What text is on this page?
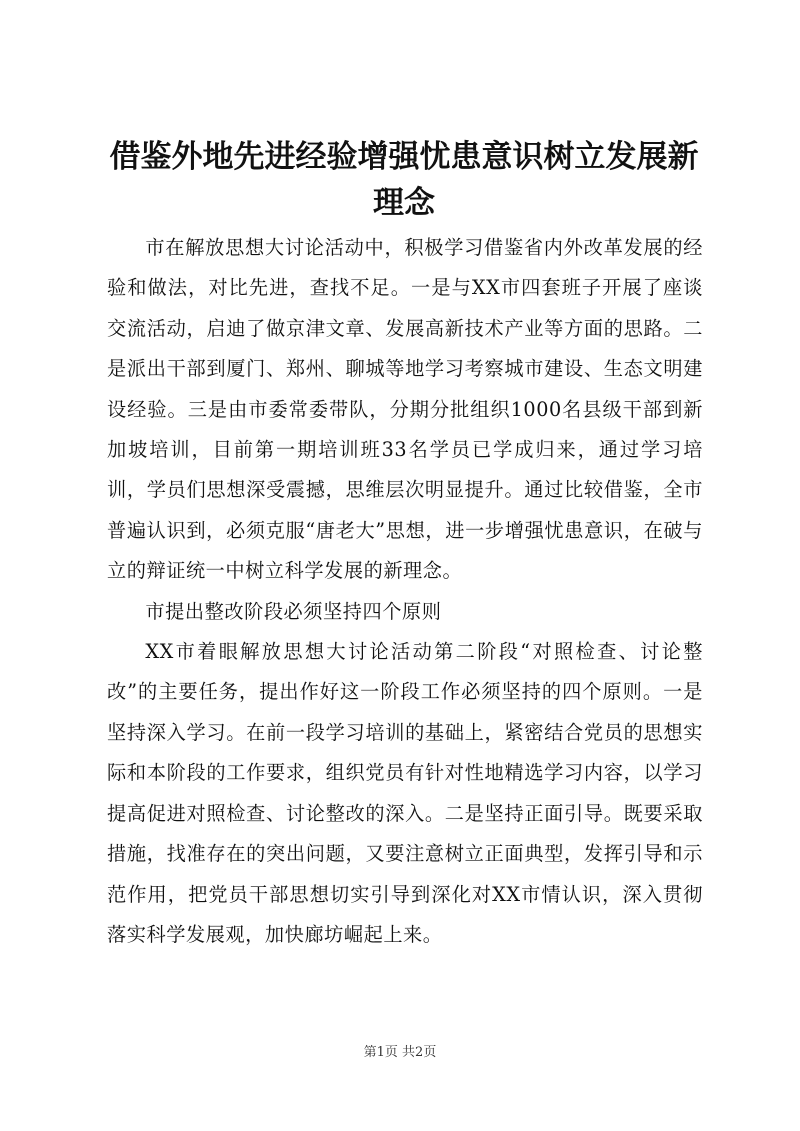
借鉴外地先进经验增强忧患意识树立发展新理念

市在解放思想大讨论活动中，积极学习借鉴省内外改革发展的经验和做法，对比先进，查找不足。一是与XX市四套班子开展了座谈交流活动，启迪了做京津文章、发展高新技术产业等方面的思路。二是派出干部到厦门、郑州、聊城等地学习考察城市建设、生态文明建设经验。三是由市委常委带队，分期分批组织1000名县级干部到新加坡培训，目前第一期培训班33名学员已学成归来，通过学习培训，学员们思想深受震撼，思维层次明显提升。通过比较借鉴，全市普遍认识到，必须克服“唐老大”思想，进一步增强忧患意识，在破与立的辩证统一中树立科学发展的新理念。

市提出整改阶段必须坚持四个原则

XX市着眼解放思想大讨论活动第二阶段“对照检查、讨论整改”的主要任务，提出作好这一阶段工作必须坚持的四个原则。一是坚持深入学习。在前一段学习培训的基础上，紧密结合党员的思想实际和本阶段的工作要求，组织党员有针对性地精选学习内容，以学习提高促进对照检查、讨论整改的深入。二是坚持正面引导。既要采取措施，找准存在的突出问题，又要注意树立正面典型，发挥引导和示范作用，把党员干部思想切实引导到深化对XX市情认识，深入贯彻落实科学发展观，加快廊坊崛起上来。

第1页 共2页
